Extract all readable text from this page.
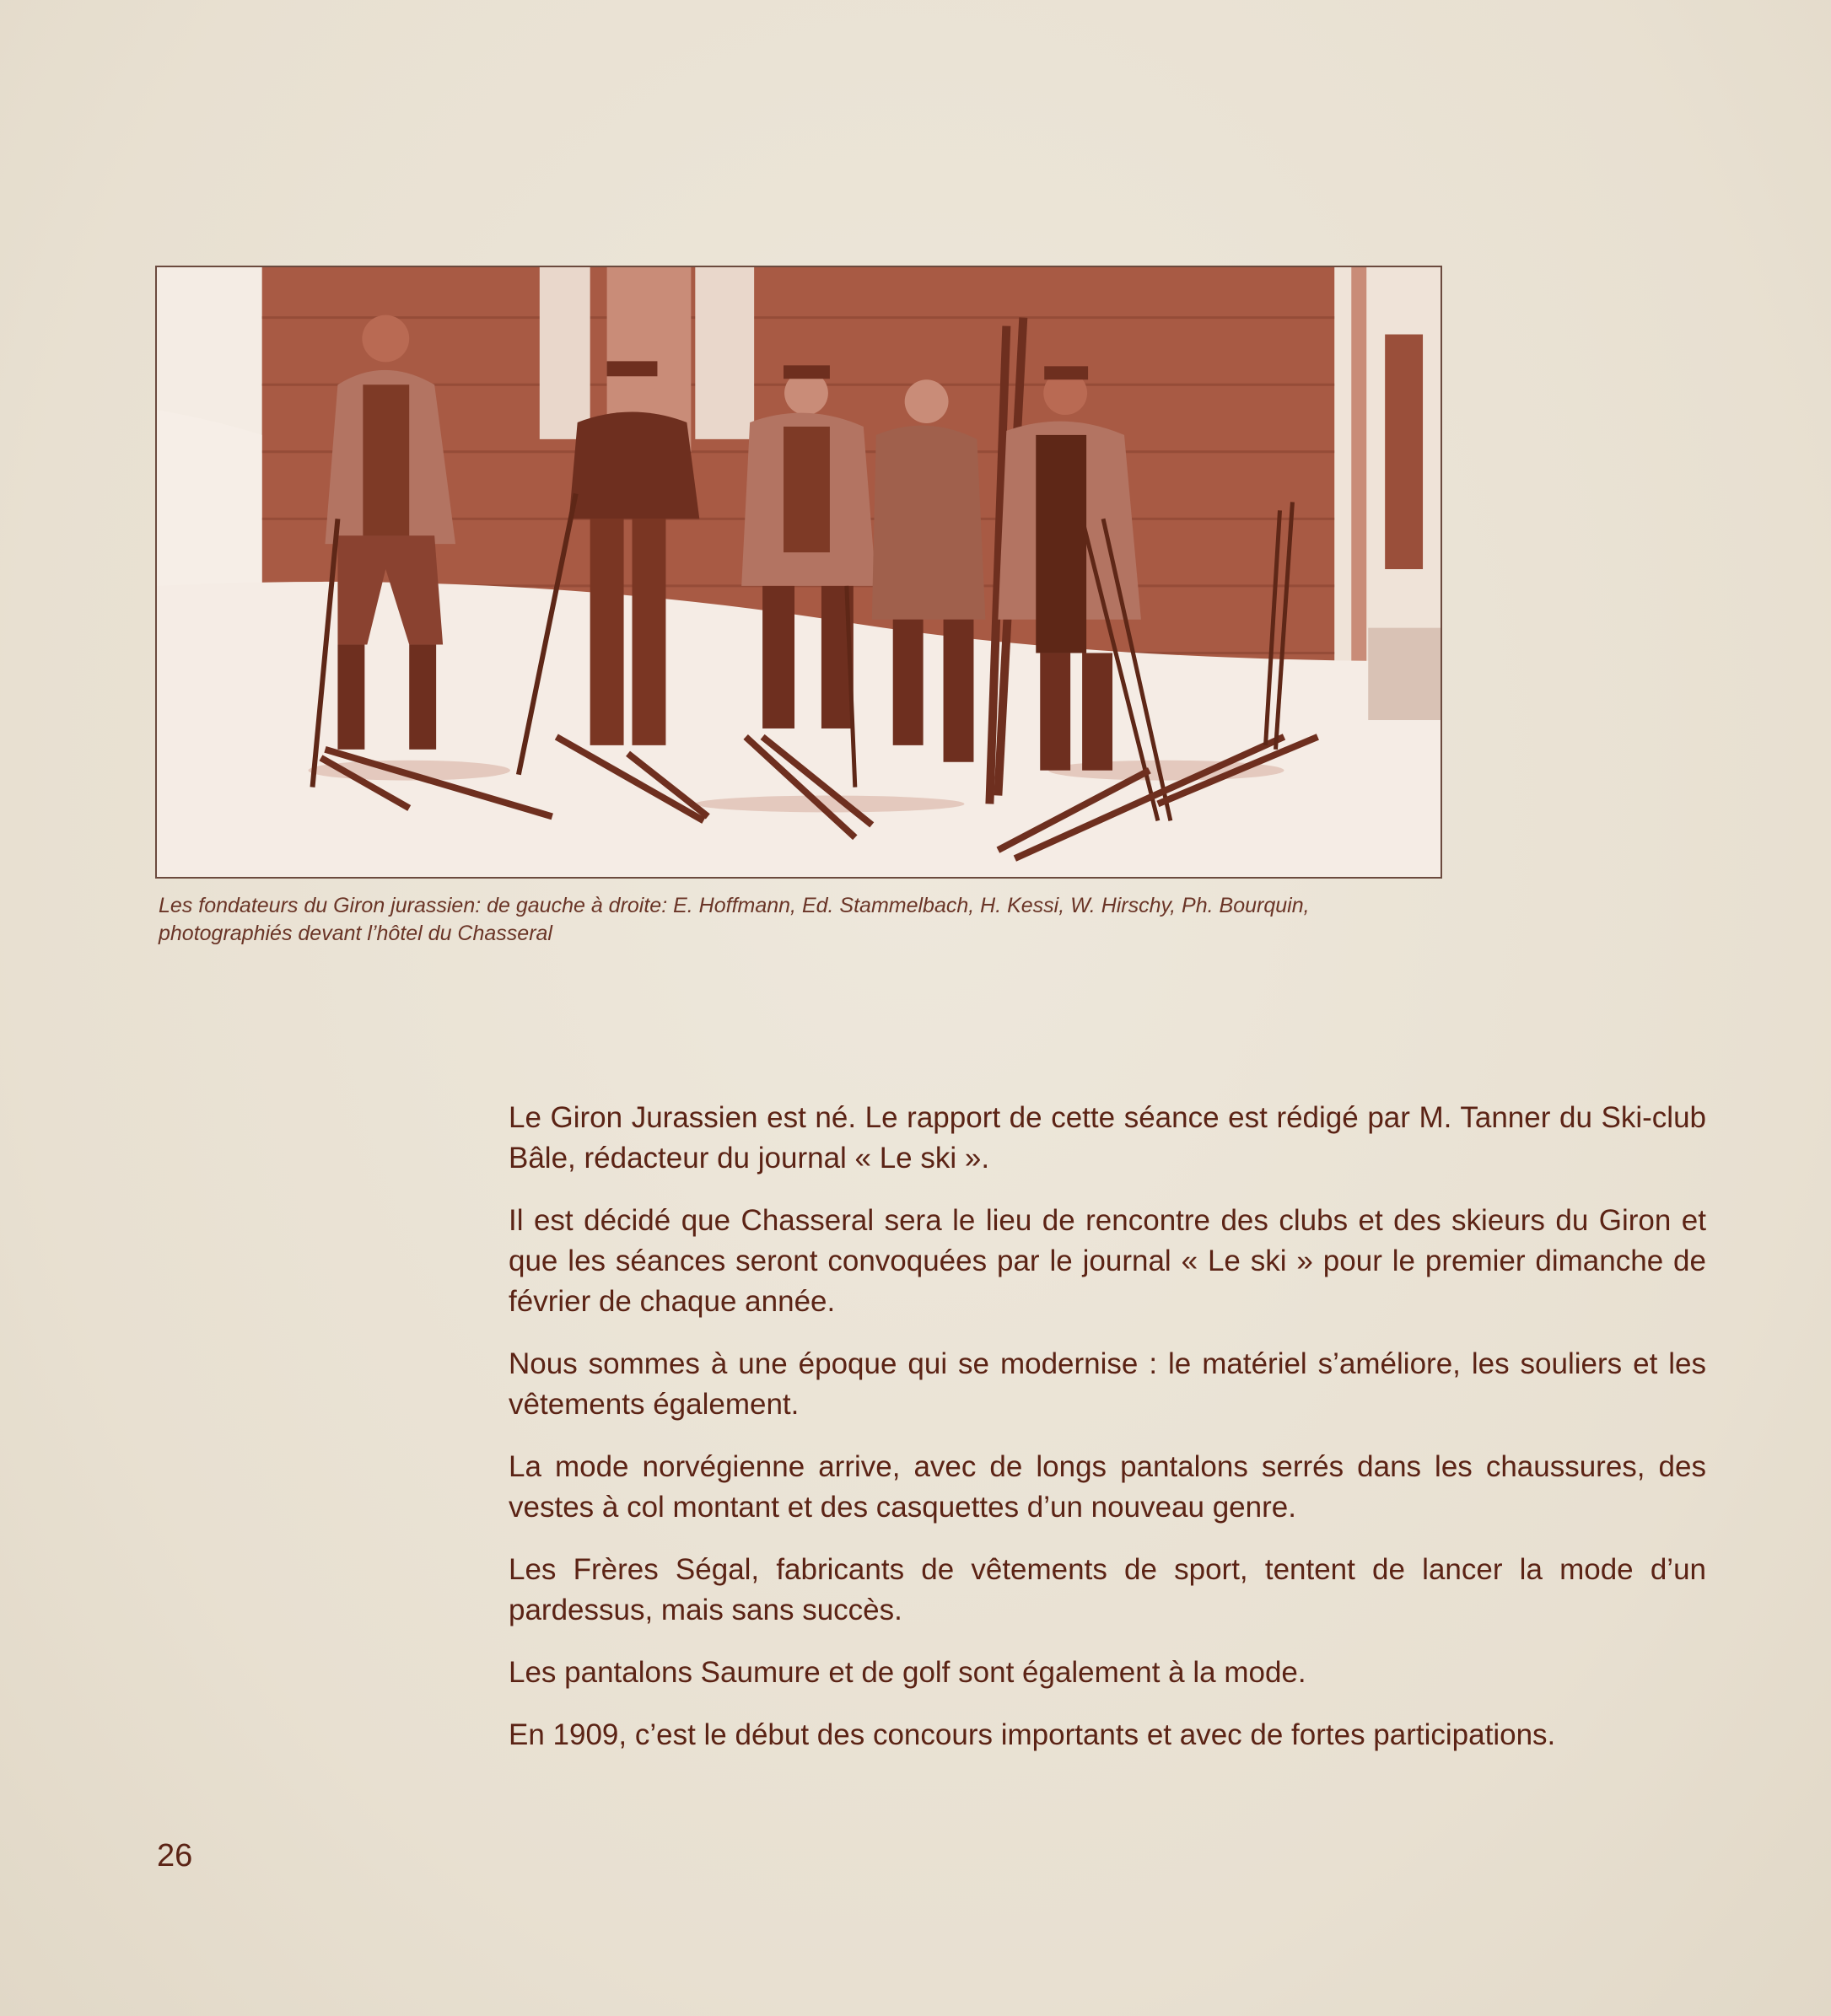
Les fondateurs du Giron jurassien: de gauche à droite: E. Hoffmann, Ed. Stammelbach, H. Kessi, W. Hirschy, Ph. Bourquin,
photographiés devant l’hôtel du Chasseral

Le Giron Jurassien est né. Le rapport de cette séance est rédigé par M. Tanner du Ski-club Bâle, rédacteur du journal « Le ski ».

Il est décidé que Chasseral sera le lieu de rencontre des clubs et des skieurs du Giron et que les séances seront convoquées par le journal « Le ski » pour le premier dimanche de février de chaque année.

Nous sommes à une époque qui se modernise : le matériel s’améliore, les souliers et les vêtements également.

La mode norvégienne arrive, avec de longs pantalons serrés dans les chaussures, des vestes à col montant et des casquettes d’un nouveau genre.

Les Frères Ségal, fabricants de vêtements de sport, tentent de lancer la mode d’un pardessus, mais sans succès.

Les pantalons Saumure et de golf sont également à la mode.

En 1909, c’est le début des concours importants et avec de fortes participations.

26
